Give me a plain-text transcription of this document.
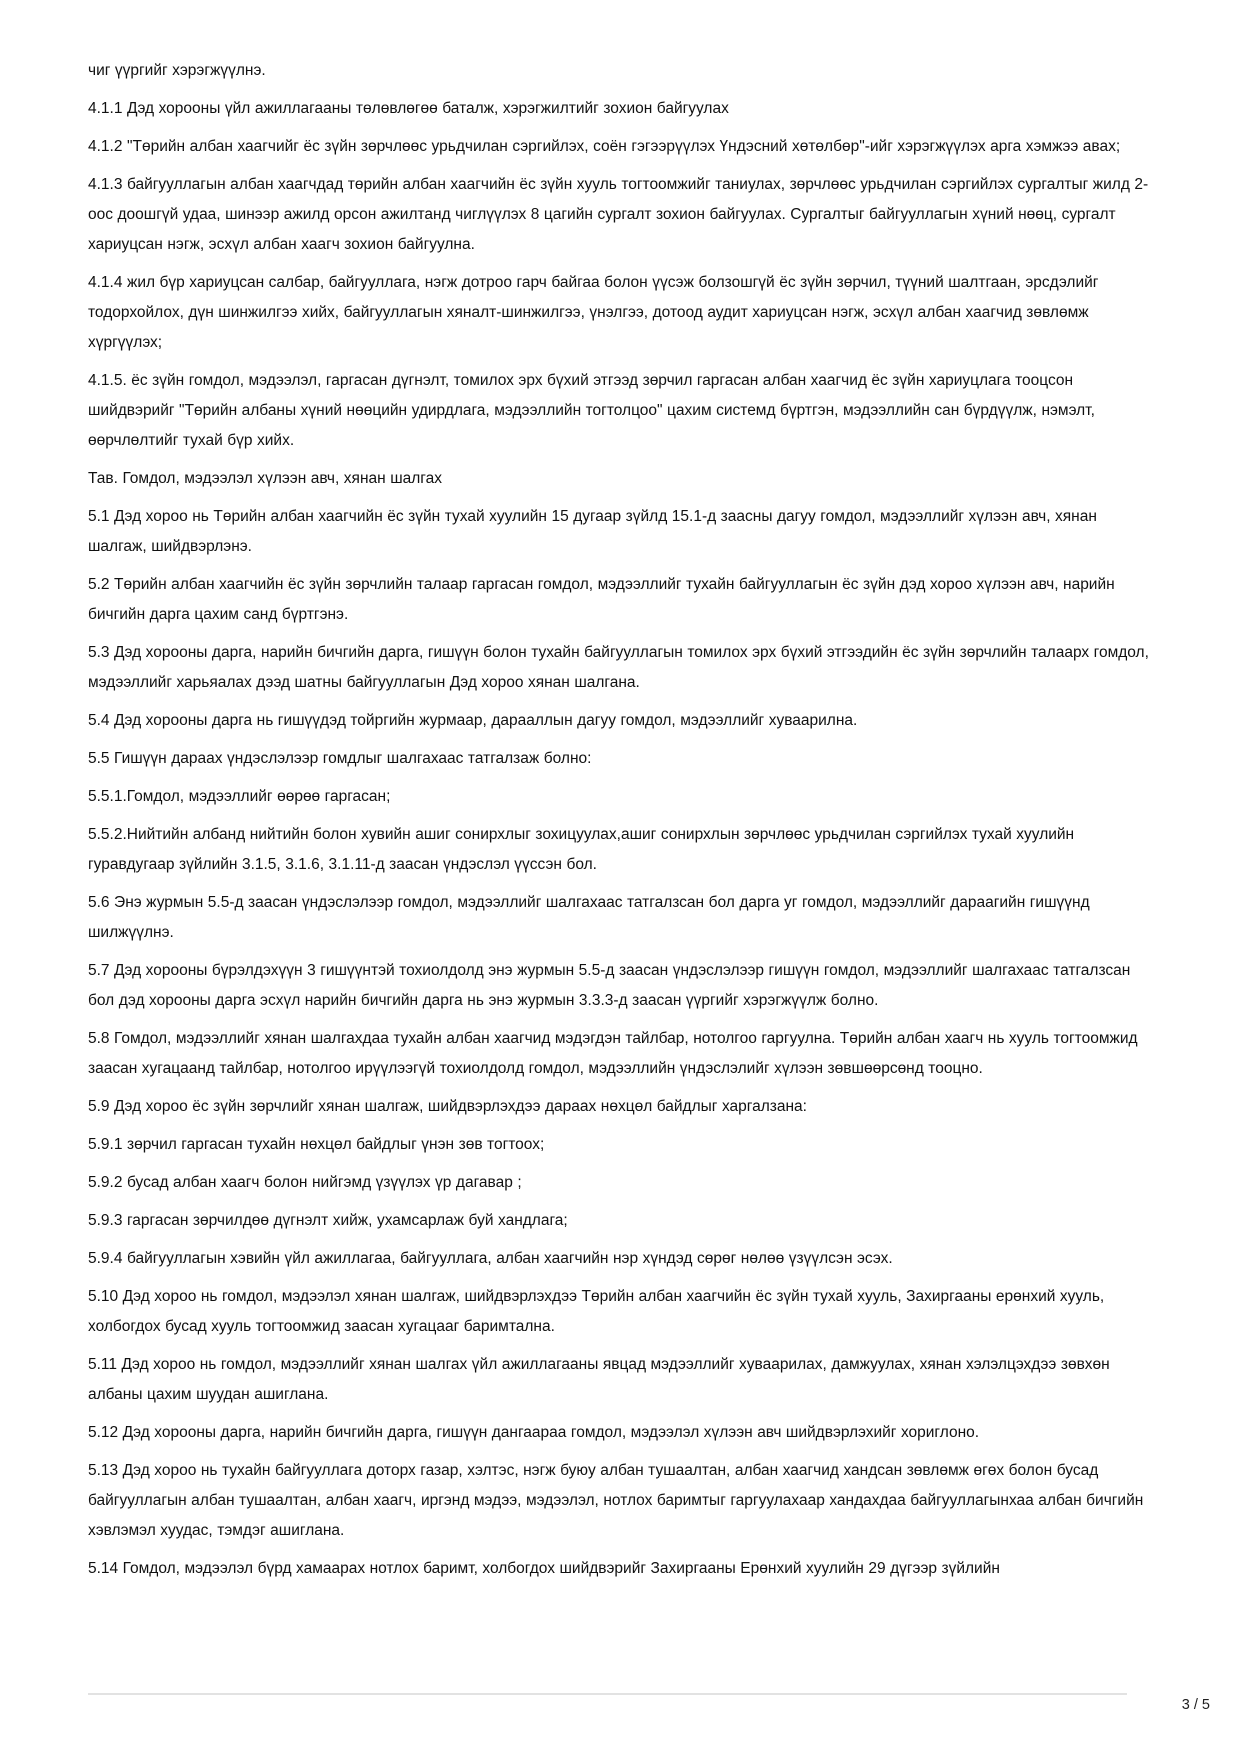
чиг үүргийг хэрэгжүүлнэ.

4.1.1 Дэд хорооны үйл ажиллагааны төлөвлөгөө баталж, хэрэгжилтийг зохион байгуулах

4.1.2 "Төрийн албан хаагчийг ёс зүйн зөрчлөөс урьдчилан сэргийлэх, соён гэгээрүүлэх Үндэсний хөтөлбөр"-ийг хэрэгжүүлэх арга хэмжээ авах;

4.1.3 байгууллагын албан хаагчдад төрийн албан хаагчийн ёс зүйн хууль тогтоомжийг таниулах, зөрчлөөс урьдчилан сэргийлэх сургалтыг жилд 2-оос доошгүй удаа, шинээр ажилд орсон ажилтанд чиглүүлэх 8 цагийн сургалт зохион байгуулах. Сургалтыг байгууллагын хүний нөөц, сургалт хариуцсан нэгж, эсхүл албан хаагч зохион байгуулна.

4.1.4 жил бүр хариуцсан салбар, байгууллага, нэгж дотроо гарч байгаа болон үүсэж болзошгүй ёс зүйн зөрчил, түүний шалтгаан, эрсдэлийг тодорхойлох, дүн шинжилгээ хийх, байгууллагын хяналт-шинжилгээ, үнэлгээ, дотоод аудит хариуцсан нэгж, эсхүл албан хаагчид зөвлөмж хүргүүлэх;

4.1.5. ёс зүйн гомдол, мэдээлэл, гаргасан дүгнэлт, томилох эрх бүхий этгээд зөрчил гаргасан албан хаагчид ёс зүйн хариуцлага тооцсон шийдвэрийг "Төрийн албаны хүний нөөцийн удирдлага, мэдээллийн тогтолцоо" цахим системд бүртгэн, мэдээллийн сан бүрдүүлж, нэмэлт, өөрчлөлтийг тухай бүр хийх.

Тав. Гомдол, мэдээлэл хүлээн авч, хянан шалгах

5.1 Дэд хороо нь Төрийн албан хаагчийн ёс зүйн тухай хуулийн 15 дугаар зүйлд 15.1-д заасны дагуу гомдол, мэдээллийг хүлээн авч, хянан шалгаж, шийдвэрлэнэ.

5.2 Төрийн албан хаагчийн ёс зүйн зөрчлийн талаар гаргасан гомдол, мэдээллийг тухайн байгууллагын ёс зүйн дэд хороо хүлээн авч, нарийн бичгийн дарга цахим санд бүртгэнэ.

5.3 Дэд хорооны дарга, нарийн бичгийн дарга, гишүүн болон тухайн байгууллагын томилох эрх бүхий этгээдийн ёс зүйн зөрчлийн талаарх гомдол, мэдээллийг харьяалах дээд шатны байгууллагын Дэд хороо хянан шалгана.

5.4 Дэд хорооны дарга нь гишүүдэд тойргийн журмаар, дарааллын дагуу гомдол, мэдээллийг хуваарилна.

5.5 Гишүүн дараах үндэслэлээр гомдлыг шалгахаас татгалзаж болно:

5.5.1.Гомдол, мэдээллийг өөрөө гаргасан;

5.5.2.Нийтийн албанд нийтийн болон хувийн ашиг сонирхлыг зохицуулах,ашиг сонирхлын зөрчлөөс урьдчилан сэргийлэх тухай хуулийн гуравдугаар зүйлийн 3.1.5, 3.1.6, 3.1.11-д заасан үндэслэл үүссэн бол.

5.6 Энэ журмын 5.5-д заасан үндэслэлээр гомдол, мэдээллийг шалгахаас татгалзсан бол дарга уг гомдол, мэдээллийг дараагийн гишүүнд шилжүүлнэ.

5.7 Дэд хорооны бүрэлдэхүүн 3 гишүүнтэй тохиолдолд энэ журмын 5.5-д заасан үндэслэлээр гишүүн гомдол, мэдээллийг шалгахаас татгалзсан бол дэд хорооны дарга эсхүл нарийн бичгийн дарга нь энэ журмын 3.3.3-д заасан үүргийг хэрэгжүүлж болно.

5.8 Гомдол, мэдээллийг хянан шалгахдаа тухайн албан хаагчид мэдэгдэн тайлбар, нотолгоо гаргуулна. Төрийн албан хаагч нь хууль тогтоомжид заасан хугацаанд тайлбар, нотолгоо ирүүлээгүй тохиолдолд гомдол, мэдээллийн үндэслэлийг хүлээн зөвшөөрсөнд тооцно.

5.9 Дэд хороо ёс зүйн зөрчлийг хянан шалгаж, шийдвэрлэхдээ дараах нөхцөл байдлыг харгалзана:

5.9.1 зөрчил гаргасан тухайн нөхцөл байдлыг үнэн зөв тогтоох;

5.9.2 бусад албан хаагч болон нийгэмд үзүүлэх үр дагавар ;

5.9.3 гаргасан зөрчилдөө дүгнэлт хийж, ухамсарлаж буй хандлага;

5.9.4 байгууллагын хэвийн үйл ажиллагаа, байгууллага, албан хаагчийн нэр хүндэд сөрөг нөлөө үзүүлсэн эсэх.

5.10 Дэд хороо нь гомдол, мэдээлэл хянан шалгаж, шийдвэрлэхдээ Төрийн албан хаагчийн ёс зүйн тухай хууль, Захиргааны ерөнхий хууль, холбогдох бусад хууль тогтоомжид заасан хугацааг баримтална.

5.11 Дэд хороо нь гомдол, мэдээллийг хянан шалгах үйл ажиллагааны явцад мэдээллийг хуваарилах, дамжуулах, хянан хэлэлцэхдээ зөвхөн албаны цахим шуудан ашиглана.

5.12 Дэд хорооны дарга, нарийн бичгийн дарга, гишүүн дангаараа гомдол, мэдээлэл хүлээн авч шийдвэрлэхийг хориглоно.

5.13 Дэд хороо нь тухайн байгууллага доторх газар, хэлтэс, нэгж буюу албан тушаалтан, албан хаагчид хандсан зөвлөмж өгөх болон бусад байгууллагын албан тушаалтан, албан хаагч, иргэнд мэдээ, мэдээлэл, нотлох баримтыг гаргуулахаар хандахдаа байгууллагынхаа албан бичгийн хэвлэмэл хуудас, тэмдэг ашиглана.

5.14 Гомдол, мэдээлэл бүрд хамаарах нотлох баримт, холбогдох шийдвэрийг Захиргааны Ерөнхий хуулийн 29 дүгээр зүйлийн

3 / 5
